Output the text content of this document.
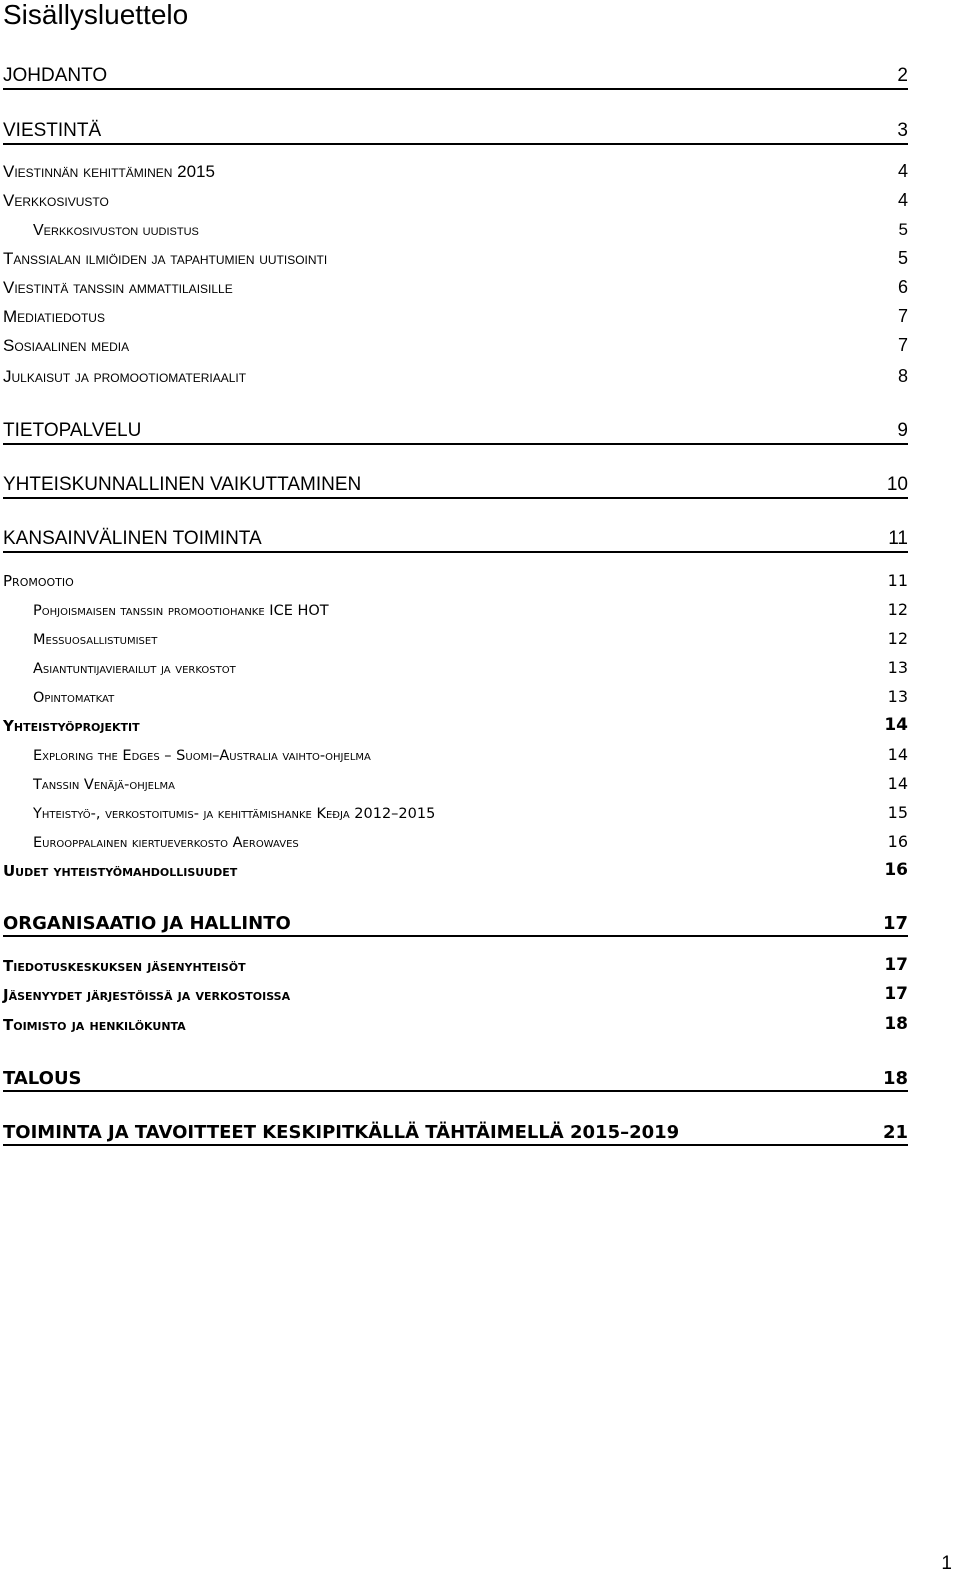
Sisällysluettelo
JOHDANTO	2
VIESTINTÄ	3
Viestinnän kehittäminen 2015	4
Verkkosivusto	4
Verkkosivuston uudistus	5
Tanssialan ilmiöiden ja tapahtumien uutisointi	5
Viestintä tanssin ammattilaisille	6
Mediatiedotus	7
Sosiaalinen media	7
Julkaisut ja promootiomateriaalit	8
TIETOPALVELU	9
YHTEISKUNNALLINEN VAIKUTTAMINEN	10
KANSAINVÄLINEN TOIMINTA	11
Promootio	11
Pohjoismaisen tanssin promootiohanke ICE HOT	12
Messuosallistumiset	12
Asiantuntijavierailut ja verkostot	13
Opintomatkat	13
Yhteistyöprojektit	14
Exploring the Edges – Suomi–Australia vaihto-ohjelma	14
Tanssin Venäjä-ohjelma	14
Yhteistyö-, verkostoitumis- ja kehittämishanke Keđja 2012–2015	15
Eurooppalainen kiertueverkosto Aerowaves	16
Uudet yhteistyömahdollisuudet	16
ORGANISAATIO JA HALLINTO	17
Tiedotuskeskuksen jäsenyhteisöt	17
Jäsenyydet järjestöissä ja verkostoissa	17
Toimisto ja henkilökunta	18
TALOUS	18
TOIMINTA JA TAVOITTEET KESKIPITKÄLLÄ TÄHTÄIMELLÄ 2015–2019	21
1
